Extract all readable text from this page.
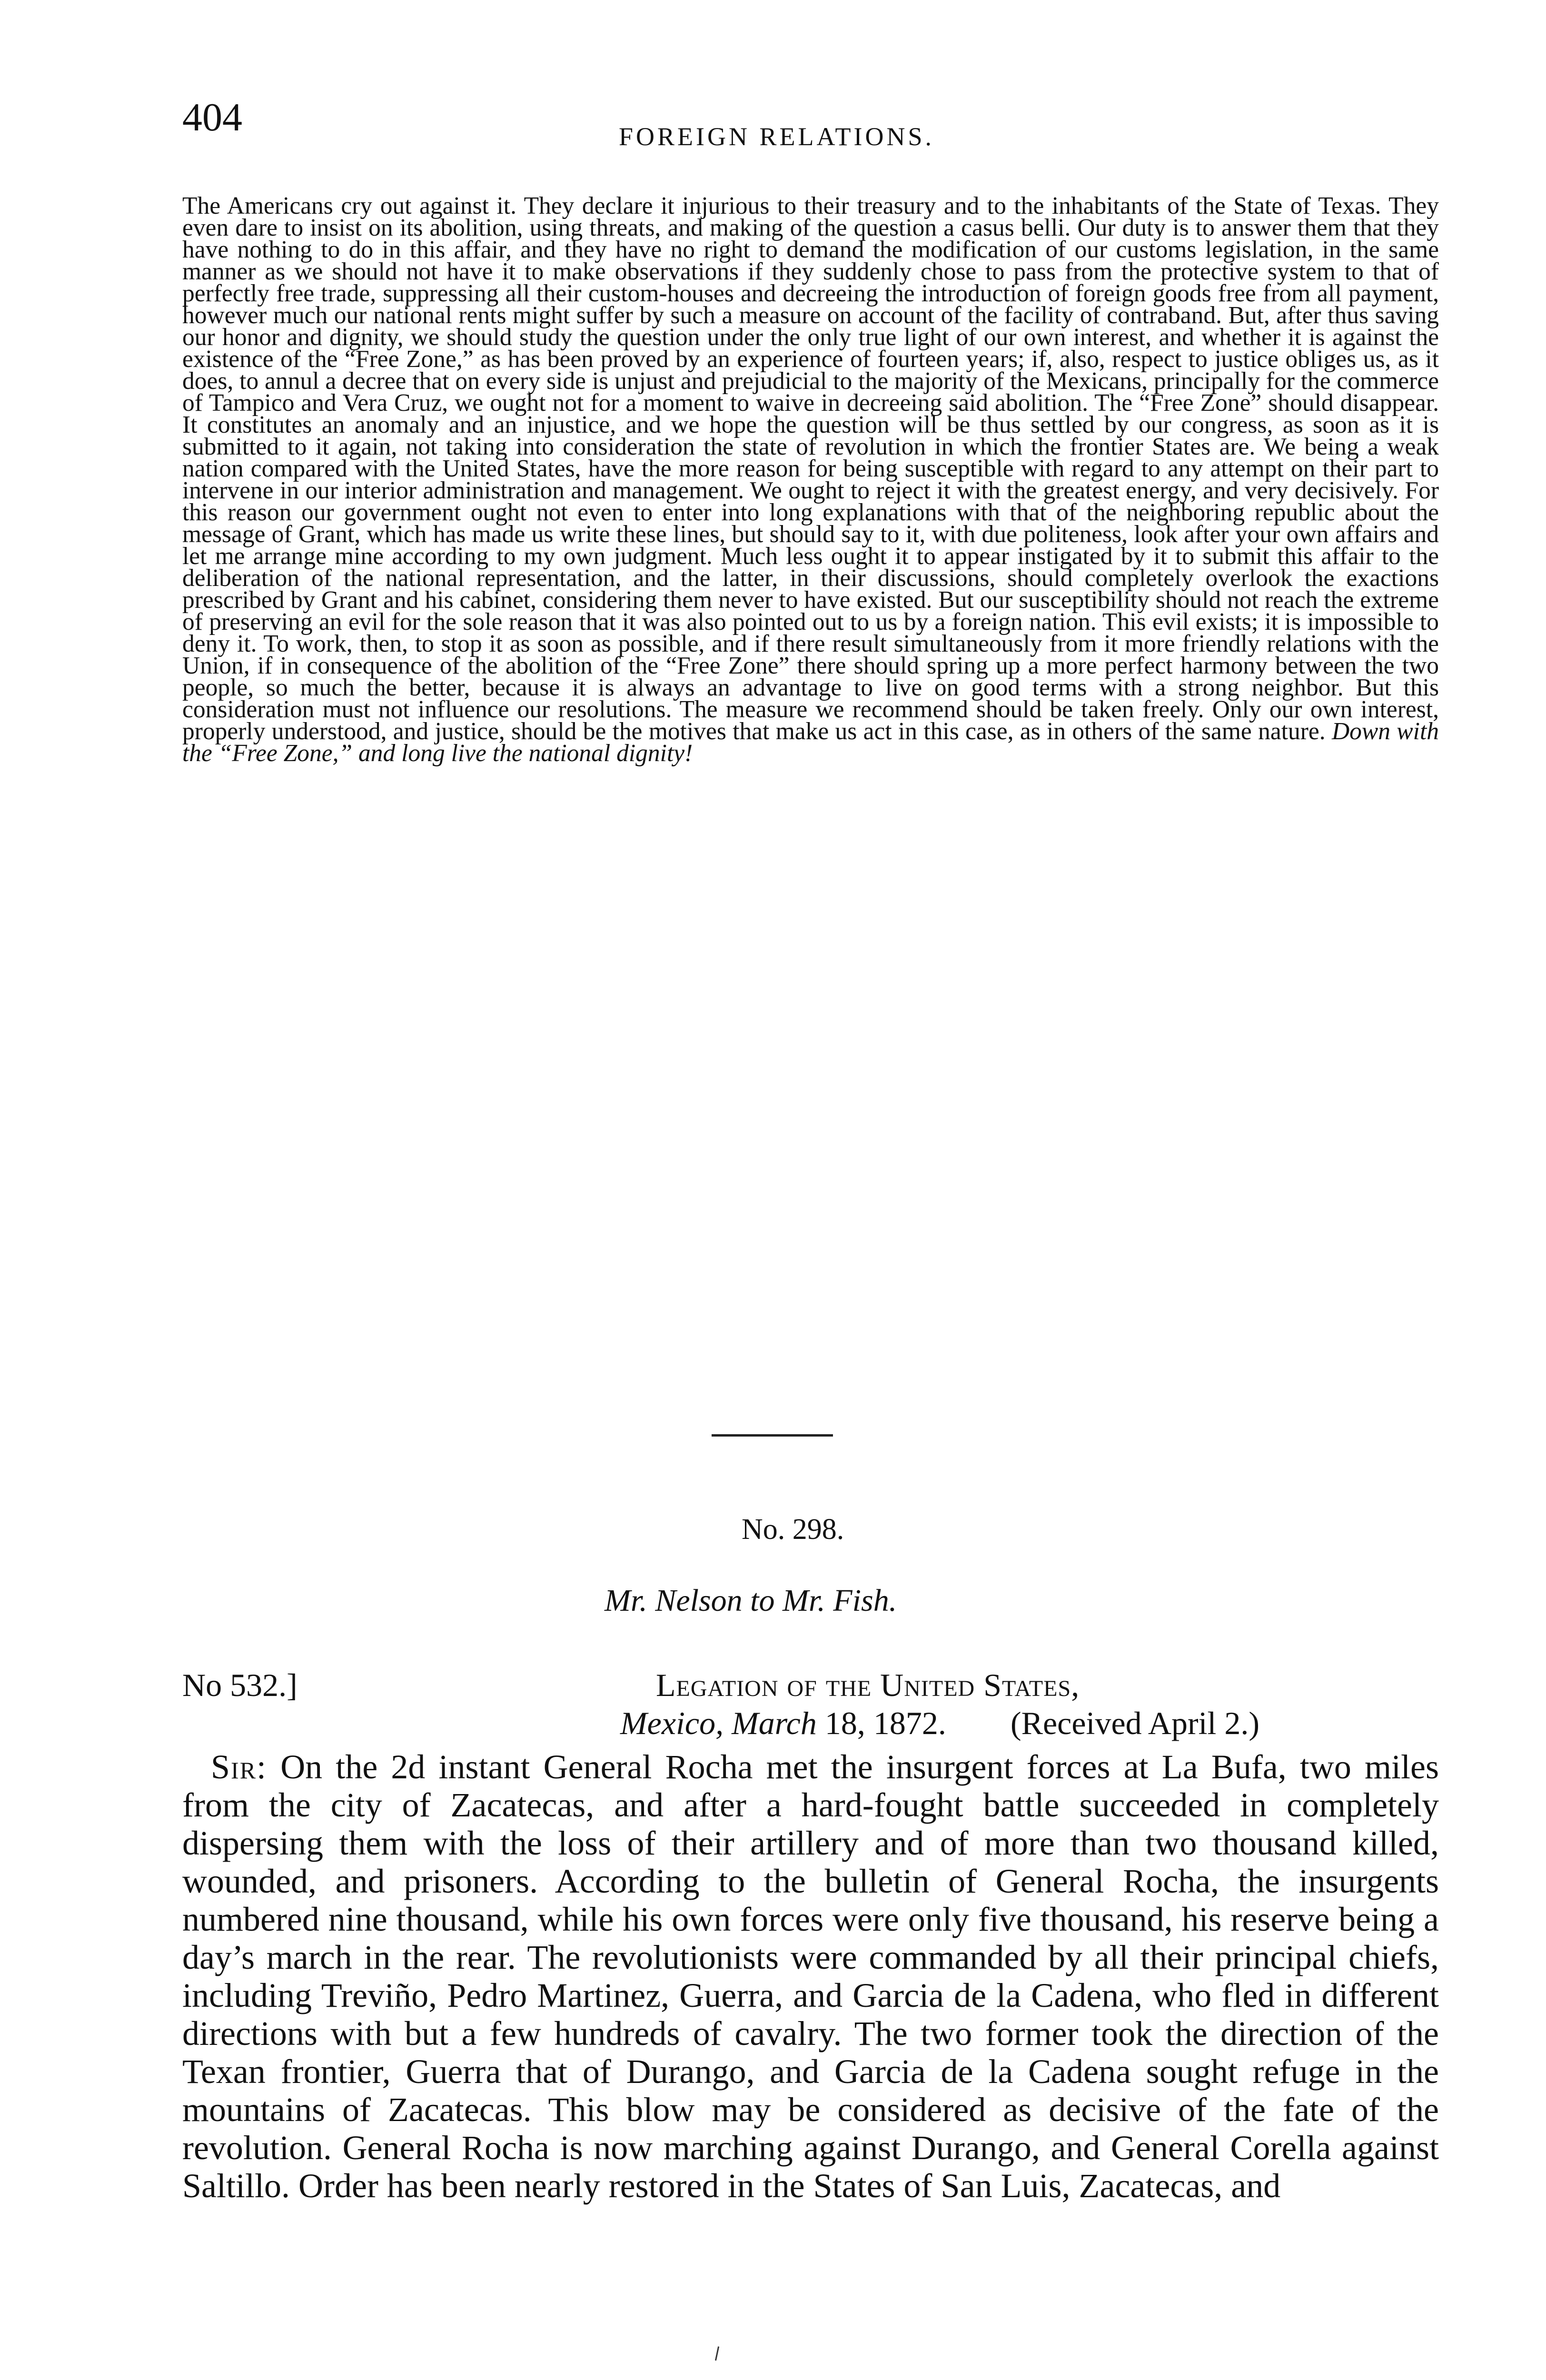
404	FOREIGN RELATIONS.

The Americans cry out against it. They declare it injurious to their treasury and to the inhabitants of the State of Texas. They even dare to insist on its abolition, using threats, and making of the question a casus belli. Our duty is to answer them that they have nothing to do in this affair, and they have no right to demand the modification of our customs legislation, in the same manner as we should not have it to make observations if they suddenly chose to pass from the protective system to that of perfectly free trade, suppressing all their custom-houses and decreeing the introduction of foreign goods free from all payment, however much our national rents might suffer by such a measure on account of the facility of contraband. But, after thus saving our honor and dignity, we should study the question under the only true light of our own interest, and whether it is against the existence of the “Free Zone,” as has been proved by an experience of fourteen years; if, also, respect to justice obliges us, as it does, to annul a decree that on every side is unjust and prejudicial to the majority of the Mexicans, principally for the commerce of Tampico and Vera Cruz, we ought not for a moment to waive in decreeing said abolition. The “Free Zone” should disappear. It constitutes an anomaly and an injustice, and we hope the question will be thus settled by our congress, as soon as it is submitted to it again, not taking into consideration the state of revolution in which the frontier States are. We being a weak nation compared with the United States, have the more reason for being susceptible with regard to any attempt on their part to intervene in our interior administration and management. We ought to reject it with the greatest energy, and very decisively. For this reason our government ought not even to enter into long explanations with that of the neighboring republic about the message of Grant, which has made us write these lines, but should say to it, with due politeness, look after your own affairs and let me arrange mine according to my own judgment. Much less ought it to appear instigated by it to submit this affair to the deliberation of the national representation, and the latter, in their discussions, should completely overlook the exactions prescribed by Grant and his cabinet, considering them never to have existed. But our susceptibility should not reach the extreme of preserving an evil for the sole reason that it was also pointed out to us by a foreign nation. This evil exists; it is impossible to deny it. To work, then, to stop it as soon as possible, and if there result simultaneously from it more friendly relations with the Union, if in consequence of the abolition of the “Free Zone” there should spring up a more perfect harmony between the two people, so much the better, because it is always an advantage to live on good terms with a strong neighbor. But this consideration must not influence our resolutions. The measure we recommend should be taken freely. Only our own interest, properly understood, and justice, should be the motives that make us act in this case, as in others of the same nature. Down with the “Free Zone,” and long live the national dignity!

No. 298.
Mr. Nelson to Mr. Fish.
No 532.]	Legation of the United States,
Mexico, March 18, 1872. (Received April 2.)

Sir: On the 2d instant General Rocha met the insurgent forces at La Bufa, two miles from the city of Zacatecas, and after a hard-fought battle succeeded in completely dispersing them with the loss of their artillery and of more than two thousand killed, wounded, and prisoners. According to the bulletin of General Rocha, the insurgents numbered nine thousand, while his own forces were only five thousand, his reserve being a day’s march in the rear. The revolutionists were commanded by all their principal chiefs, including Treviño, Pedro Martinez, Guerra, and Garcia de la Cadena, who fled in different directions with but a few hundreds of cavalry. The two former took the direction of the Texan frontier, Guerra that of Durango, and Garcia de la Cadena sought refuge in the mountains of Zacatecas. This blow may be considered as decisive of the fate of the revolution. General Rocha is now marching against Durango, and General Corella against Saltillo. Order has been nearly restored in the States of San Luis, Zacatecas, and
